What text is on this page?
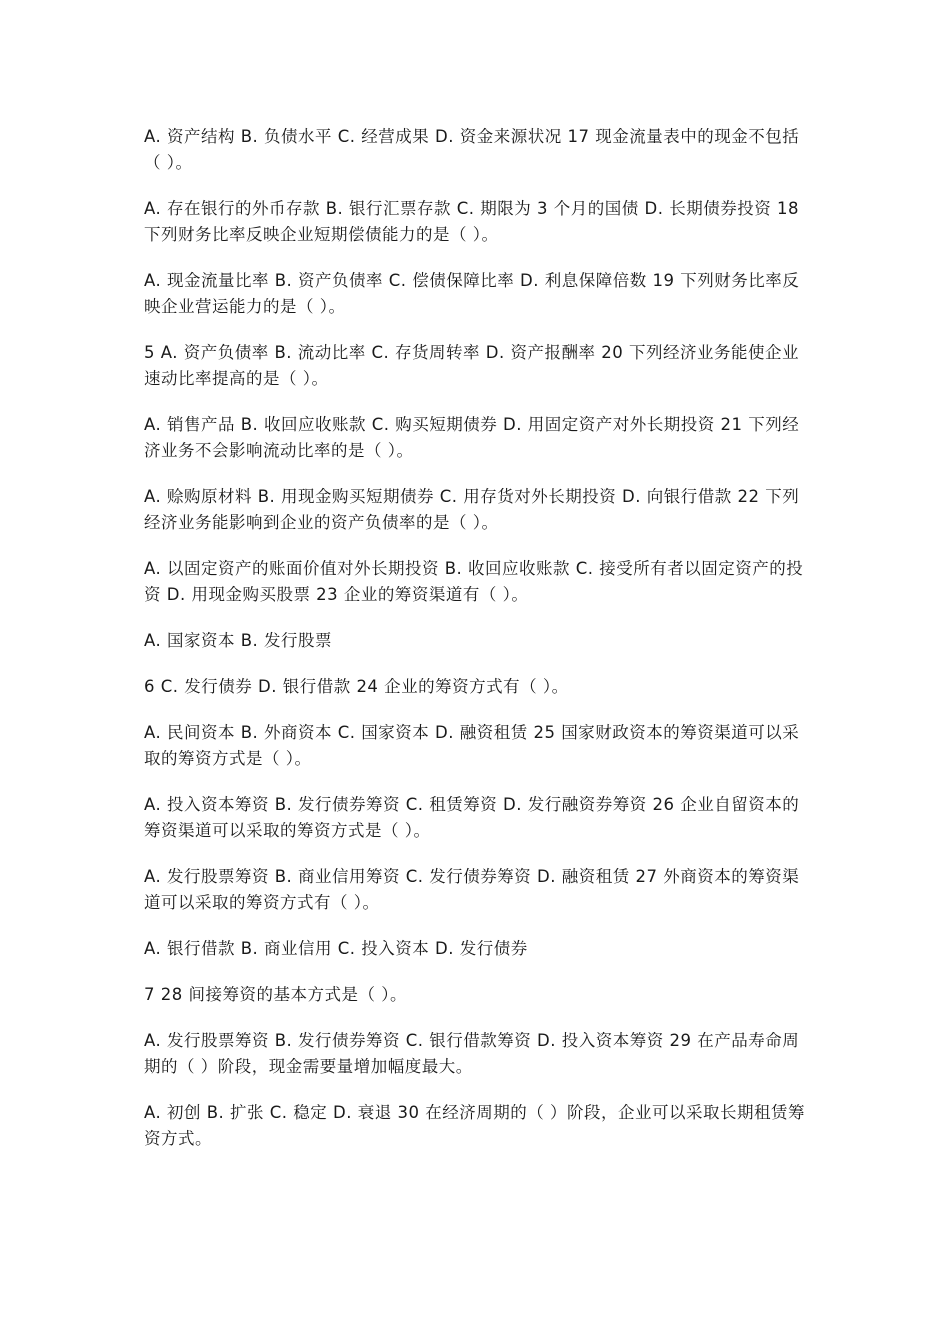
A. 资产结构 B. 负债水平 C. 经营成果 D. 资金来源状况 17 现金流量表中的现金不包括（ ）。

A. 存在银行的外币存款 B. 银行汇票存款 C. 期限为 3 个月的国债 D. 长期债券投资 18 下列财务比率反映企业短期偿债能力的是（ ）。

A. 现金流量比率 B. 资产负债率 C. 偿债保障比率 D. 利息保障倍数 19 下列财务比率反映企业营运能力的是（ ）。

5 A. 资产负债率 B. 流动比率 C. 存货周转率 D. 资产报酬率 20 下列经济业务能使企业速动比率提高的是（ ）。

A. 销售产品 B. 收回应收账款 C. 购买短期债券 D. 用固定资产对外长期投资 21 下列经济业务不会影响流动比率的是（ ）。

A. 赊购原材料 B. 用现金购买短期债券 C. 用存货对外长期投资 D. 向银行借款 22 下列经济业务能影响到企业的资产负债率的是（ ）。

A. 以固定资产的账面价值对外长期投资 B. 收回应收账款 C. 接受所有者以固定资产的投资 D. 用现金购买股票 23 企业的筹资渠道有（ ）。

A. 国家资本 B. 发行股票

6 C. 发行债券 D. 银行借款 24 企业的筹资方式有（ ）。

A. 民间资本 B. 外商资本 C. 国家资本 D. 融资租赁 25 国家财政资本的筹资渠道可以采取的筹资方式是（ ）。

A. 投入资本筹资 B. 发行债券筹资 C. 租赁筹资 D. 发行融资券筹资 26 企业自留资本的筹资渠道可以采取的筹资方式是（ ）。

A. 发行股票筹资 B. 商业信用筹资 C. 发行债券筹资 D. 融资租赁 27 外商资本的筹资渠道可以采取的筹资方式有（ ）。

A. 银行借款 B. 商业信用 C. 投入资本 D. 发行债券

7 28 间接筹资的基本方式是（ ）。

A. 发行股票筹资 B. 发行债券筹资 C. 银行借款筹资 D. 投入资本筹资 29 在产品寿命周期的（ ）阶段，现金需要量增加幅度最大。

A. 初创 B. 扩张 C. 稳定 D. 衰退 30 在经济周期的（ ）阶段，企业可以采取长期租赁筹资方式。
